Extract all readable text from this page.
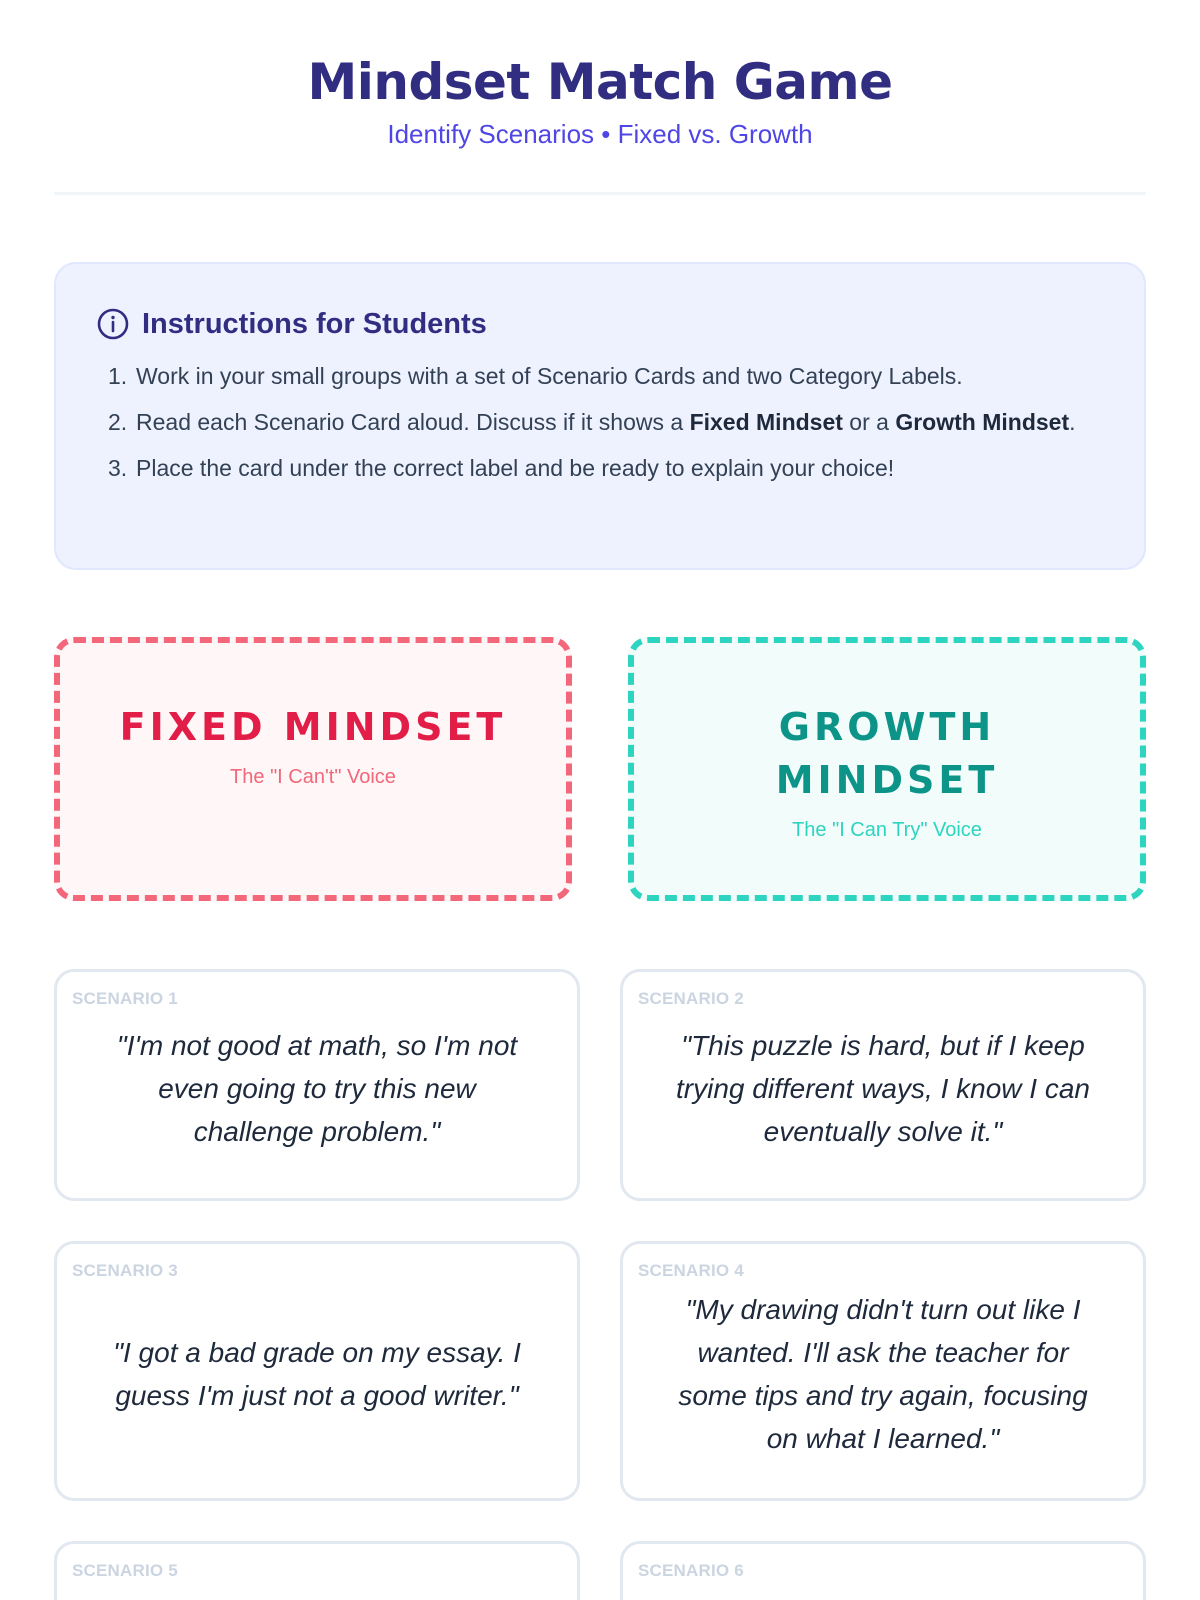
Mindset Match Game
Identify Scenarios • Fixed vs. Growth
Instructions for Students
1. Work in your small groups with a set of Scenario Cards and two Category Labels.
2. Read each Scenario Card aloud. Discuss if it shows a Fixed Mindset or a Growth Mindset.
3. Place the card under the correct label and be ready to explain your choice!
FIXED MINDSET
The "I Can't" Voice
GROWTH MINDSET
The "I Can Try" Voice
SCENARIO 1

"I'm not good at math, so I'm not even going to try this new challenge problem."

SCENARIO 2

"This puzzle is hard, but if I keep trying different ways, I know I can eventually solve it."

SCENARIO 3

"I got a bad grade on my essay. I guess I'm just not a good writer."

SCENARIO 4

"My drawing didn't turn out like I wanted. I'll ask the teacher for some tips and try again, focusing on what I learned."

SCENARIO 5	SCENARIO 6
